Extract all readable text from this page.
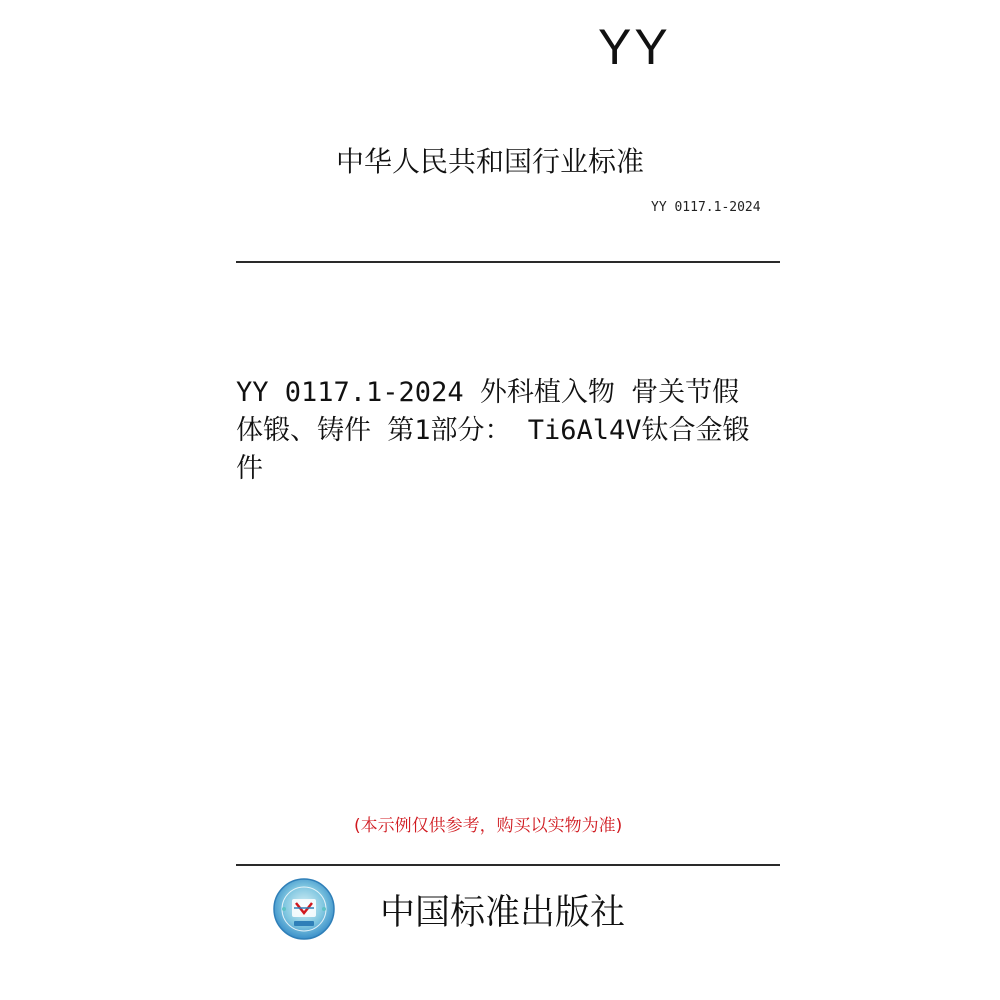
YY
中华人民共和国行业标准
YY 0117.1-2024
YY 0117.1-2024 外科植入物 骨关节假
体锻、铸件 第1部分： Ti6Al4V钛合金锻
件
(本示例仅供参考，购买以实物为准)
中国标准出版社
